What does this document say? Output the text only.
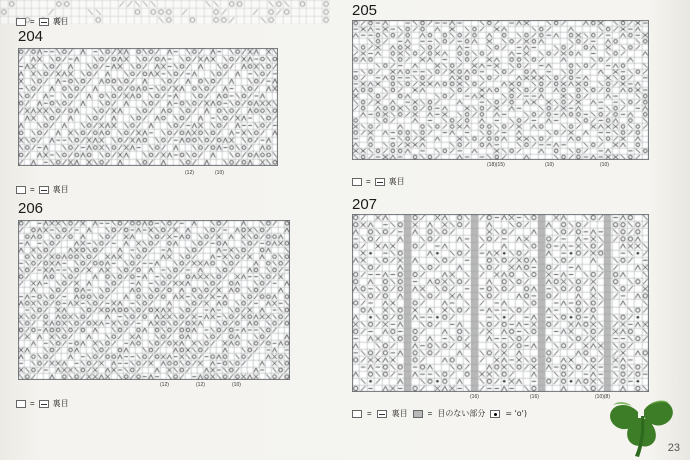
204
(12)	(10)
205
(18)(15)	(10)	(10)
206
(12)	(12)	(10)
207
(16)	(16)	(10)(8)
= 裏目
= 裏目
= 裏目
= 裏目
=	裏目	= 目のない部分	= 'o')
23
